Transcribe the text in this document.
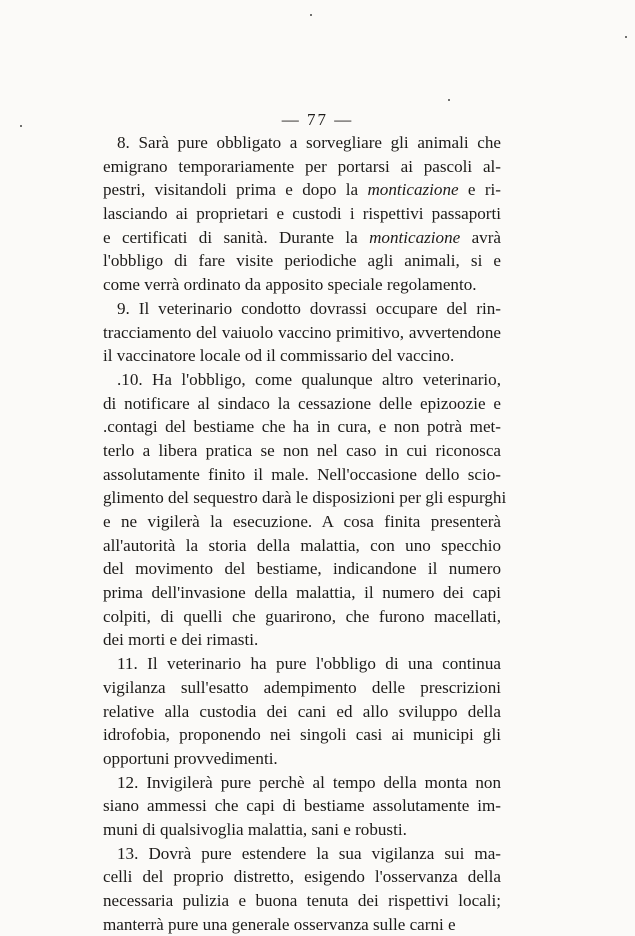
— 77 —
8. Sarà pure obbligato a sorvegliare gli animali che
emigrano temporariamente per portarsi ai pascoli al-
pestri, visitandoli prima e dopo la monticazione e ri-
lasciando ai proprietari e custodi i rispettivi passaporti
e certificati di sanità. Durante la monticazione avrà
l'obbligo di fare visite periodiche agli animali, si e
come verrà ordinato da apposito speciale regolamento.
9. Il veterinario condotto dovrassi occupare del rin-
tracciamento del vaiuolo vaccino primitivo, avvertendone
il vaccinatore locale od il commissario del vaccino.
.10. Ha l'obbligo, come qualunque altro veterinario,
di notificare al sindaco la cessazione delle epizoozie e
.contagi del bestiame che ha in cura, e non potrà met-
terlo a libera pratica se non nel caso in cui riconosca
assolutamente finito il male. Nell'occasione dello scio-
glimento del sequestro darà le disposizioni per gli espurghi
e ne vigilerà la esecuzione. A cosa finita presenterà
all'autorità la storia della malattia, con uno specchio
del movimento del bestiame, indicandone il numero
prima dell'invasione della malattia, il numero dei capi
colpiti, di quelli che guarirono, che furono macellati,
dei morti e dei rimasti.
11. Il veterinario ha pure l'obbligo di una continua
vigilanza sull'esatto adempimento delle prescrizioni
relative alla custodia dei cani ed allo sviluppo della
idrofobia, proponendo nei singoli casi ai municipi gli
opportuni provvedimenti.
12. Invigilerà pure perchè al tempo della monta non
siano ammessi che capi di bestiame assolutamente im-
muni di qualsivoglia malattia, sani e robusti.
13. Dovrà pure estendere la sua vigilanza sui ma-
celli del proprio distretto, esigendo l'osservanza della
necessaria pulizia e buona tenuta dei rispettivi locali;
manterrà pure una generale osservanza sulle carni e
